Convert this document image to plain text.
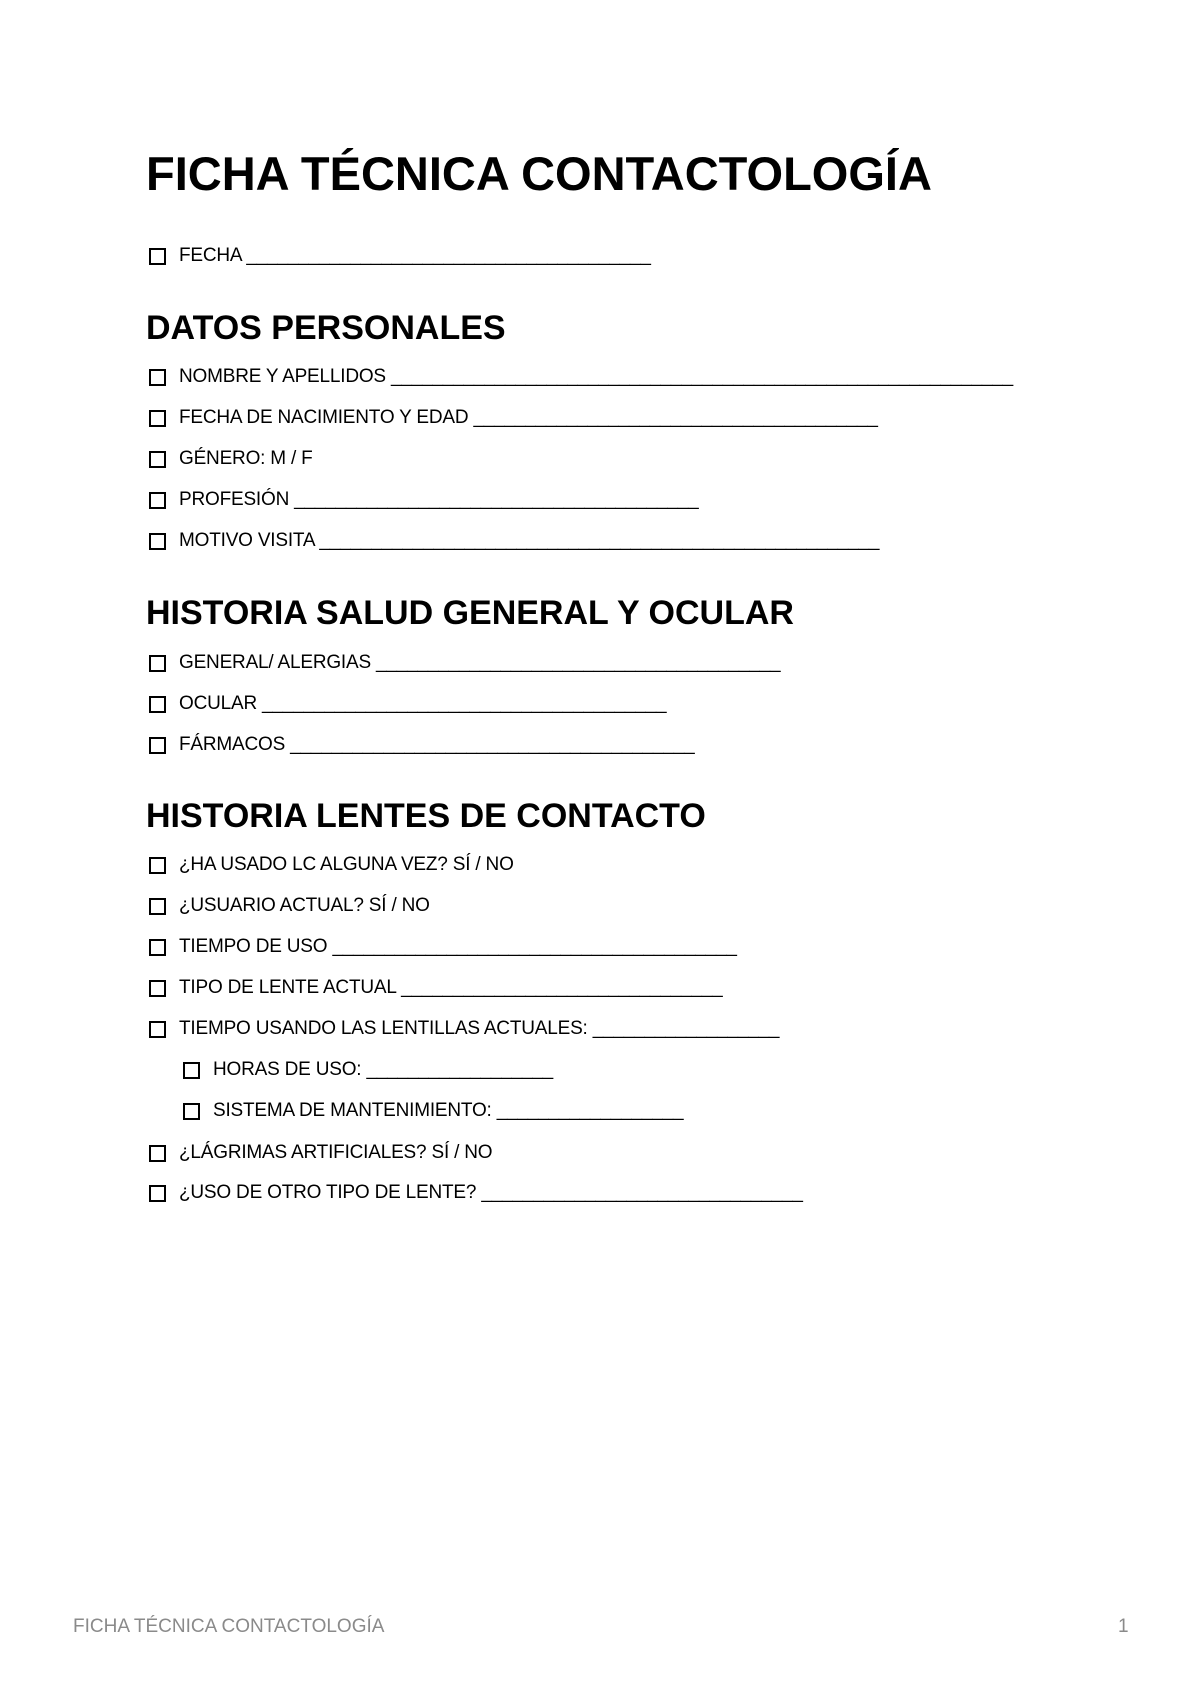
FICHA TÉCNICA CONTACTOLOGÍA
FECHA _______________________________________
DATOS PERSONALES
NOMBRE Y APELLIDOS ____________________________________________________________
FECHA DE NACIMIENTO Y EDAD _______________________________________
GÉNERO: M / F
PROFESIÓN _______________________________________
MOTIVO VISITA ______________________________________________________
HISTORIA SALUD GENERAL Y OCULAR
GENERAL/ ALERGIAS _______________________________________
OCULAR _______________________________________
FÁRMACOS _______________________________________
HISTORIA LENTES DE CONTACTO
¿HA USADO LC ALGUNA VEZ? SÍ / NO
¿USUARIO ACTUAL? SÍ / NO
TIEMPO DE USO _______________________________________
TIPO DE LENTE ACTUAL _______________________________
TIEMPO USANDO LAS LENTILLAS ACTUALES: __________________
HORAS DE USO: __________________
SISTEMA DE MANTENIMIENTO: __________________
¿LÁGRIMAS ARTIFICIALES? SÍ / NO
¿USO DE OTRO TIPO DE LENTE? _______________________________
FICHA TÉCNICA CONTACTOLOGÍA	1
